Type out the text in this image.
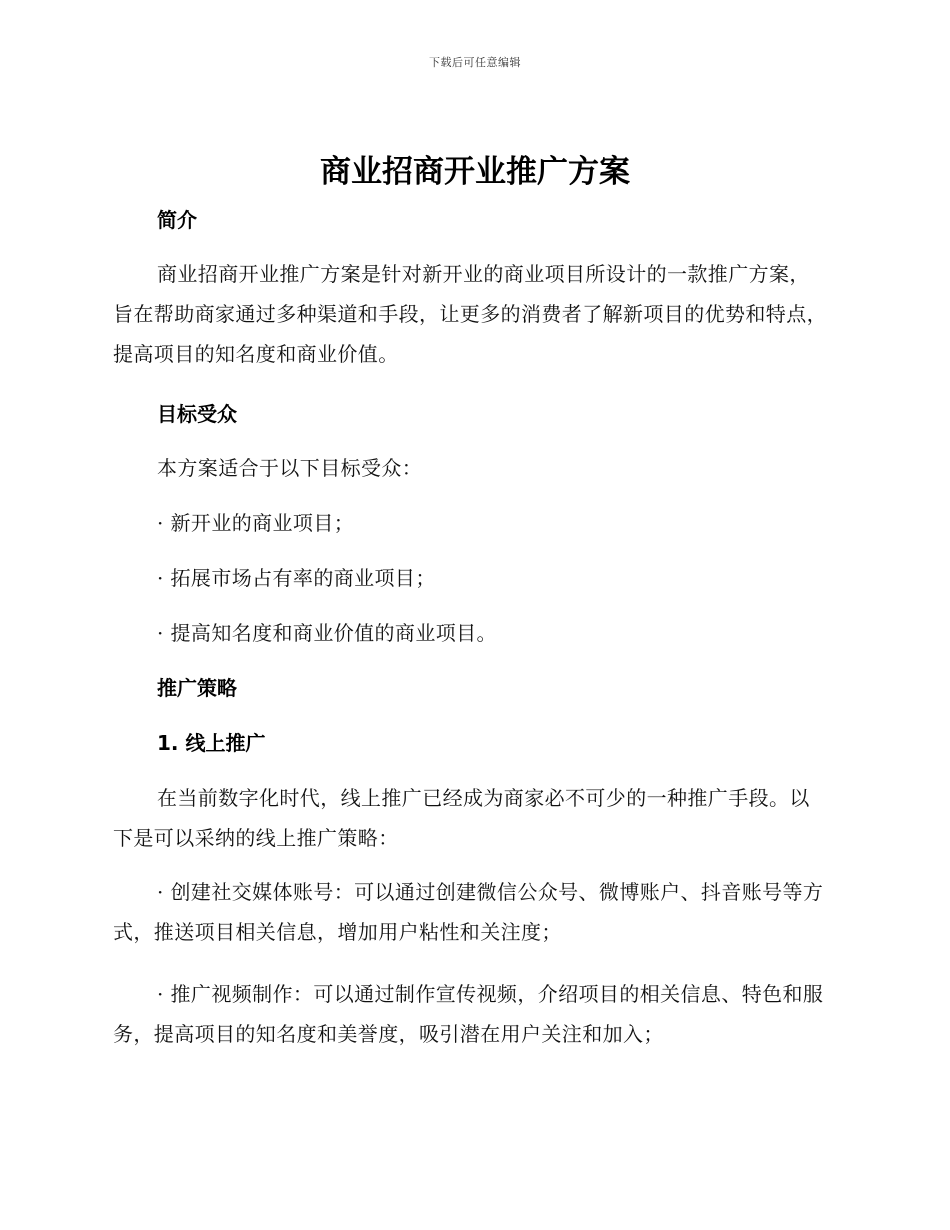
下载后可任意编辑
商业招商开业推广方案
简介
商业招商开业推广方案是针对新开业的商业项目所设计的一款推广方案，旨在帮助商家通过多种渠道和手段，让更多的消费者了解新项目的优势和特点，提高项目的知名度和商业价值。
目标受众
本方案适合于以下目标受众：
· 新开业的商业项目；
· 拓展市场占有率的商业项目；
· 提高知名度和商业价值的商业项目。
推广策略
1. 线上推广
在当前数字化时代，线上推广已经成为商家必不可少的一种推广手段。以下是可以采纳的线上推广策略：
· 创建社交媒体账号：可以通过创建微信公众号、微博账户、抖音账号等方式，推送项目相关信息，增加用户粘性和关注度；
· 推广视频制作：可以通过制作宣传视频，介绍项目的相关信息、特色和服务，提高项目的知名度和美誉度，吸引潜在用户关注和加入；
